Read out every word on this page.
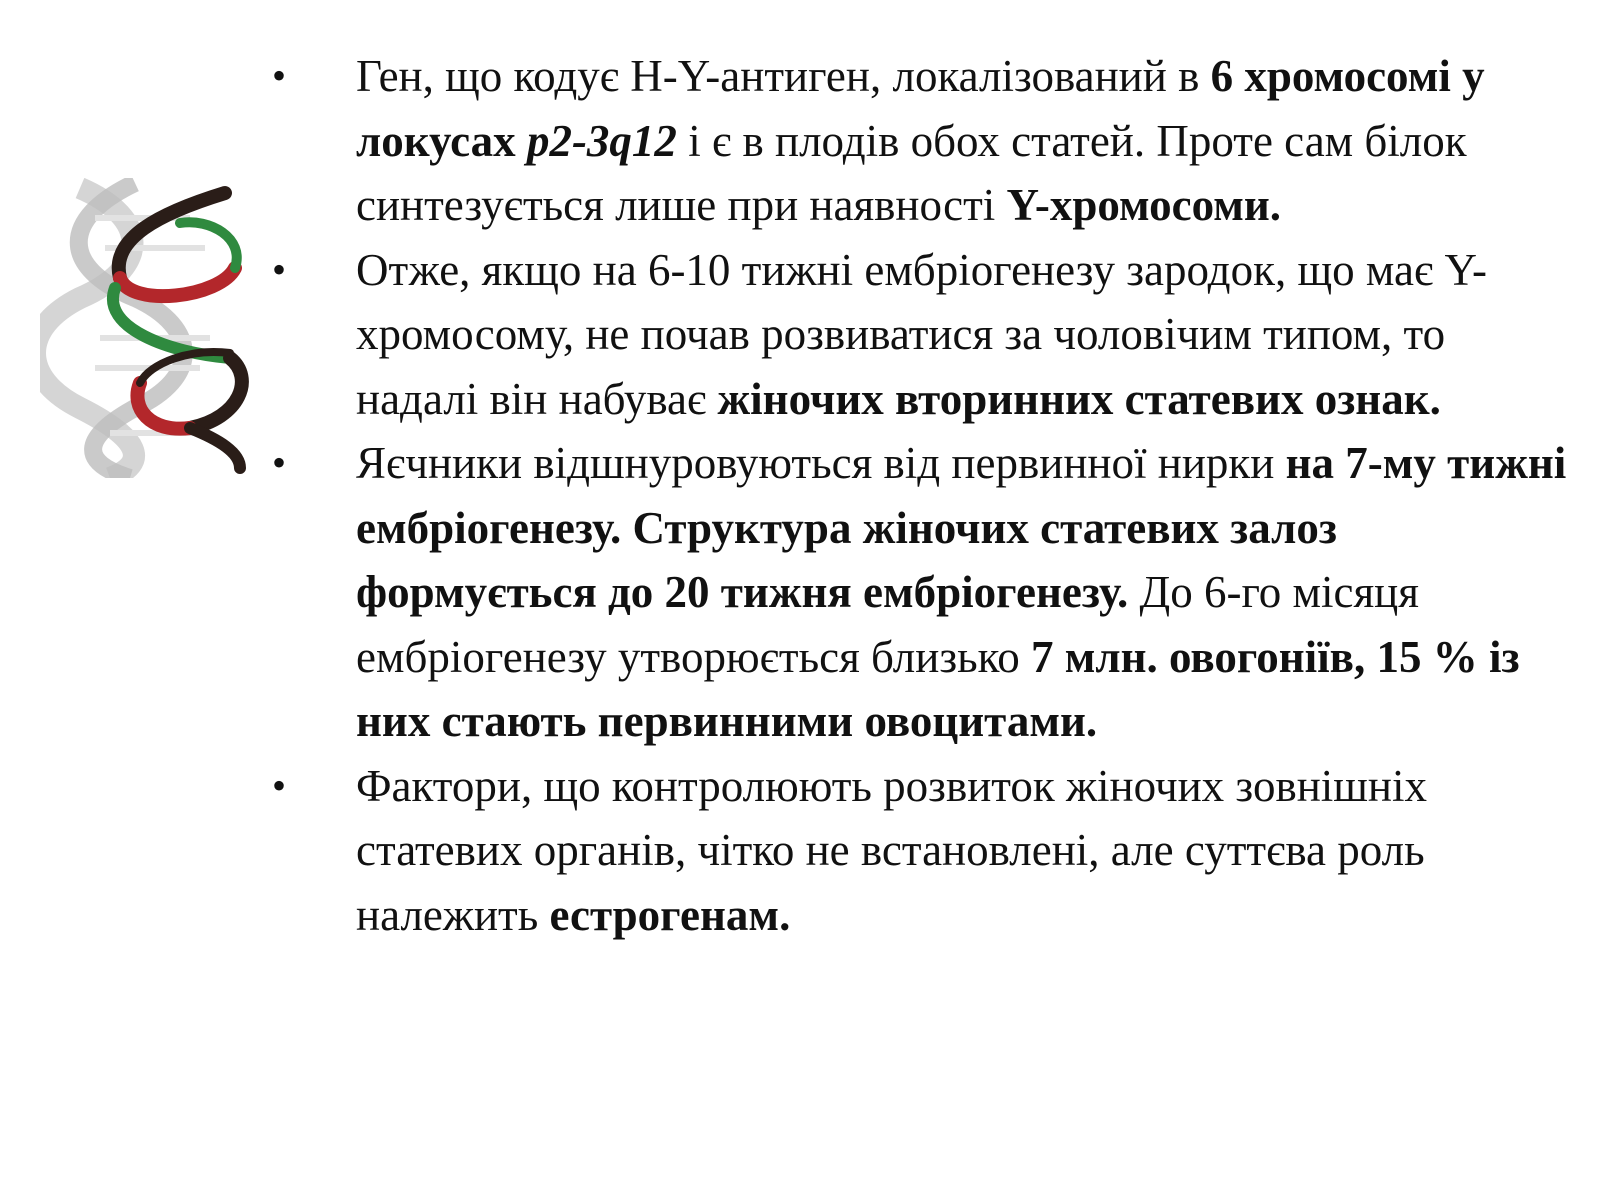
• Ген, що кодує Н-Y-антиген, локалізований в 6 хромосомі у локусах р2-3q12 і є в плодів обох статей. Проте сам білок синтезується лише при наявності Y-хромосоми.
• Отже, якщо на 6-10 тижні ембріогенезу зародок, що має Y-хромосому, не почав розвиватися за чоловічим типом, то надалі він набуває жіночих вторинних статевих ознак.
• Яєчники відшнуровуються від первинної нирки на 7-му тижні ембріогенезу. Структура жіночих статевих залоз формується до 20 тижня ембріогенезу. До 6-го місяця ембріогенезу утворюється близько 7 млн. овогоніїв, 15 % із них стають первинними овоцитами.
• Фактори, що контролюють розвиток жіночих зовнішніх статевих органів, чітко не встановлені, але суттєва роль належить естрогенам.
